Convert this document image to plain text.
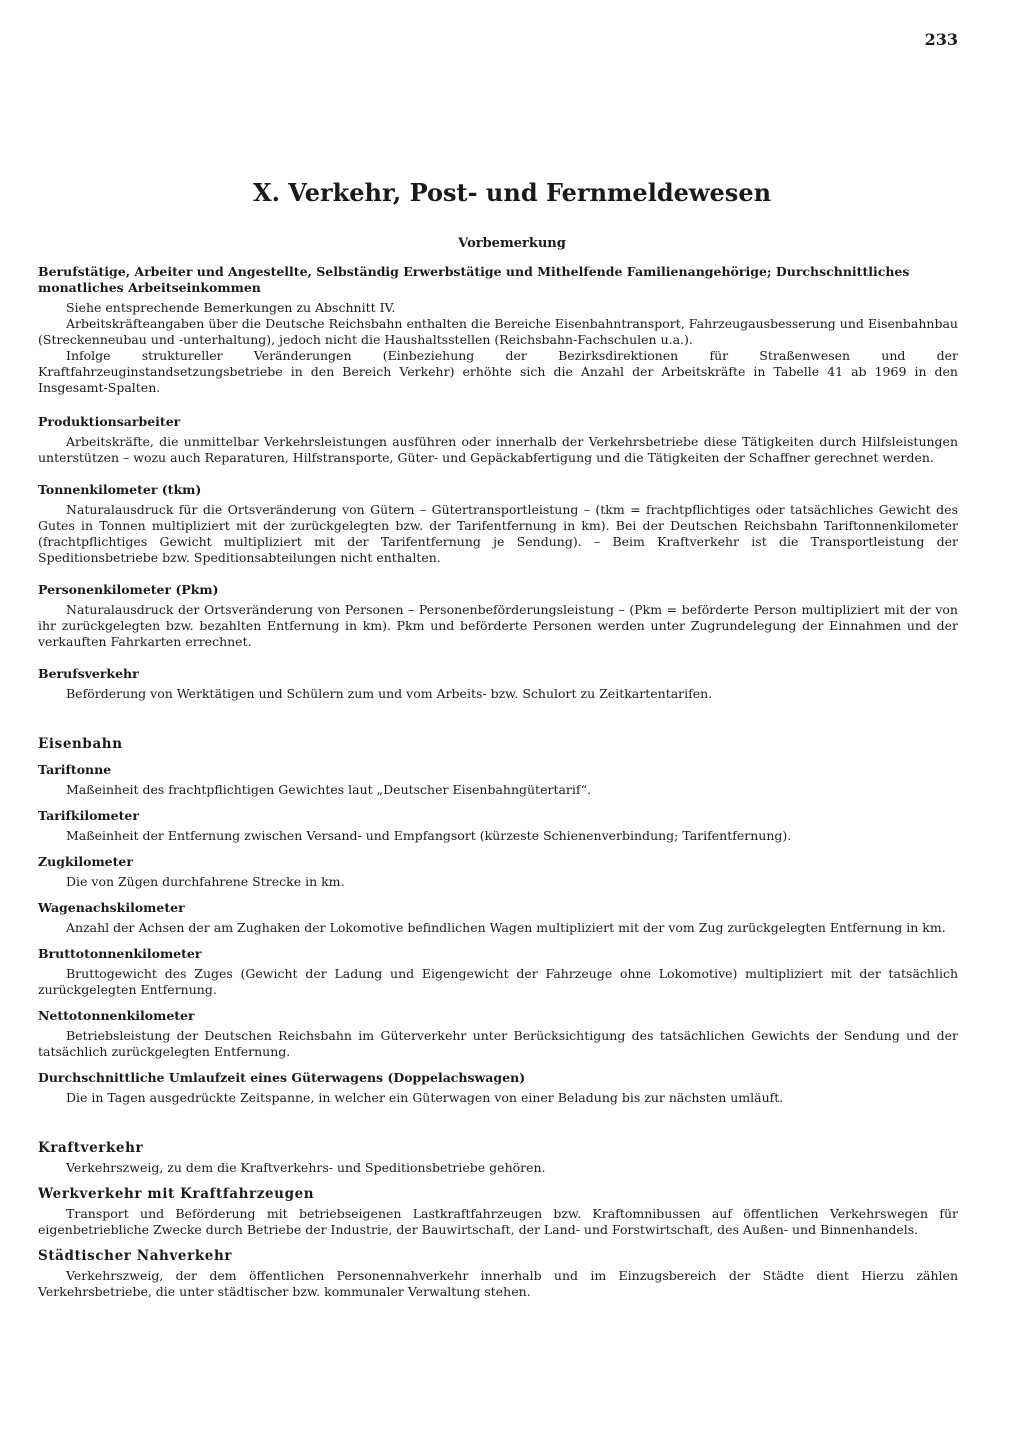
233
X. Verkehr, Post- und Fernmeldewesen
Vorbemerkung
Berufstätige, Arbeiter und Angestellte, Selbständig Erwerbstätige und Mithelfende Familienangehörige; Durchschnittliches monatliches Arbeitseinkommen

Siehe entsprechende Bemerkungen zu Abschnitt IV.

Arbeitskräfteangaben über die Deutsche Reichsbahn enthalten die Bereiche Eisenbahntransport, Fahrzeugausbesserung und Eisenbahnbau (Streckenneubau und -unterhaltung), jedoch nicht die Haushaltsstellen (Reichsbahn-Fachschulen u.a.).

Infolge struktureller Veränderungen (Einbeziehung der Bezirksdirektionen für Straßenwesen und der Kraftfahrzeuginstandsetzungsbetriebe in den Bereich Verkehr) erhöhte sich die Anzahl der Arbeitskräfte in Tabelle 41 ab 1969 in den Insgesamt-Spalten.

Produktionsarbeiter

Arbeitskräfte, die unmittelbar Verkehrsleistungen ausführen oder innerhalb der Verkehrsbetriebe diese Tätigkeiten durch Hilfsleistungen unterstützen – wozu auch Reparaturen, Hilfstransporte, Güter- und Gepäckabfertigung und die Tätigkeiten der Schaffner gerechnet werden.

Tonnenkilometer (tkm)

Naturalausdruck für die Ortsveränderung von Gütern – Gütertransportleistung – (tkm = frachtpflichtiges oder tatsächliches Gewicht des Gutes in Tonnen multipliziert mit der zurückgelegten bzw. der Tarifentfernung in km). Bei der Deutschen Reichsbahn Tariftonnenkilometer (frachtpflichtiges Gewicht multipliziert mit der Tarifentfernung je Sendung). – Beim Kraftverkehr ist die Transportleistung der Speditionsbetriebe bzw. Speditionsabteilungen nicht enthalten.

Personenkilometer (Pkm)

Naturalausdruck der Ortsveränderung von Personen – Personenbeförderungsleistung – (Pkm = beförderte Person multipliziert mit der von ihr zurückgelegten bzw. bezahlten Entfernung in km). Pkm und beförderte Personen werden unter Zugrundelegung der Einnahmen und der verkauften Fahrkarten errechnet.

Berufsverkehr

Beförderung von Werktätigen und Schülern zum und vom Arbeits- bzw. Schulort zu Zeitkartentarifen.

Eisenbahn
Tariftonne

Maßeinheit des frachtpflichtigen Gewichtes laut „Deutscher Eisenbahngütertarif“.

Tarifkilometer

Maßeinheit der Entfernung zwischen Versand- und Empfangsort (kürzeste Schienenverbindung; Tarifentfernung).

Zugkilometer

Die von Zügen durchfahrene Strecke in km.

Wagenachskilometer

Anzahl der Achsen der am Zughaken der Lokomotive befindlichen Wagen multipliziert mit der vom Zug zurückgelegten Entfernung in km.

Bruttotonnenkilometer

Bruttogewicht des Zuges (Gewicht der Ladung und Eigengewicht der Fahrzeuge ohne Lokomotive) multipliziert mit der tatsächlich zurückgelegten Entfernung.

Nettotonnenkilometer

Betriebsleistung der Deutschen Reichsbahn im Güterverkehr unter Berücksichtigung des tatsächlichen Gewichts der Sendung und der tatsächlich zurückgelegten Entfernung.

Durchschnittliche Umlaufzeit eines Güterwagens (Doppelachswagen)

Die in Tagen ausgedrückte Zeitspanne, in welcher ein Güterwagen von einer Beladung bis zur nächsten umläuft.

Kraftverkehr

Verkehrszweig, zu dem die Kraftverkehrs- und Speditionsbetriebe gehören.

Werkverkehr mit Kraftfahrzeugen

Transport und Beförderung mit betriebseigenen Lastkraftfahrzeugen bzw. Kraftomnibussen auf öffentlichen Verkehrswegen für eigenbetriebliche Zwecke durch Betriebe der Industrie, der Bauwirtschaft, der Land- und Forstwirtschaft, des Außen- und Binnenhandels.

Städtischer Nahverkehr

Verkehrszweig, der dem öffentlichen Personennahverkehr innerhalb und im Einzugsbereich der Städte dient Hierzu zählen Verkehrsbetriebe, die unter städtischer bzw. kommunaler Verwaltung stehen.
